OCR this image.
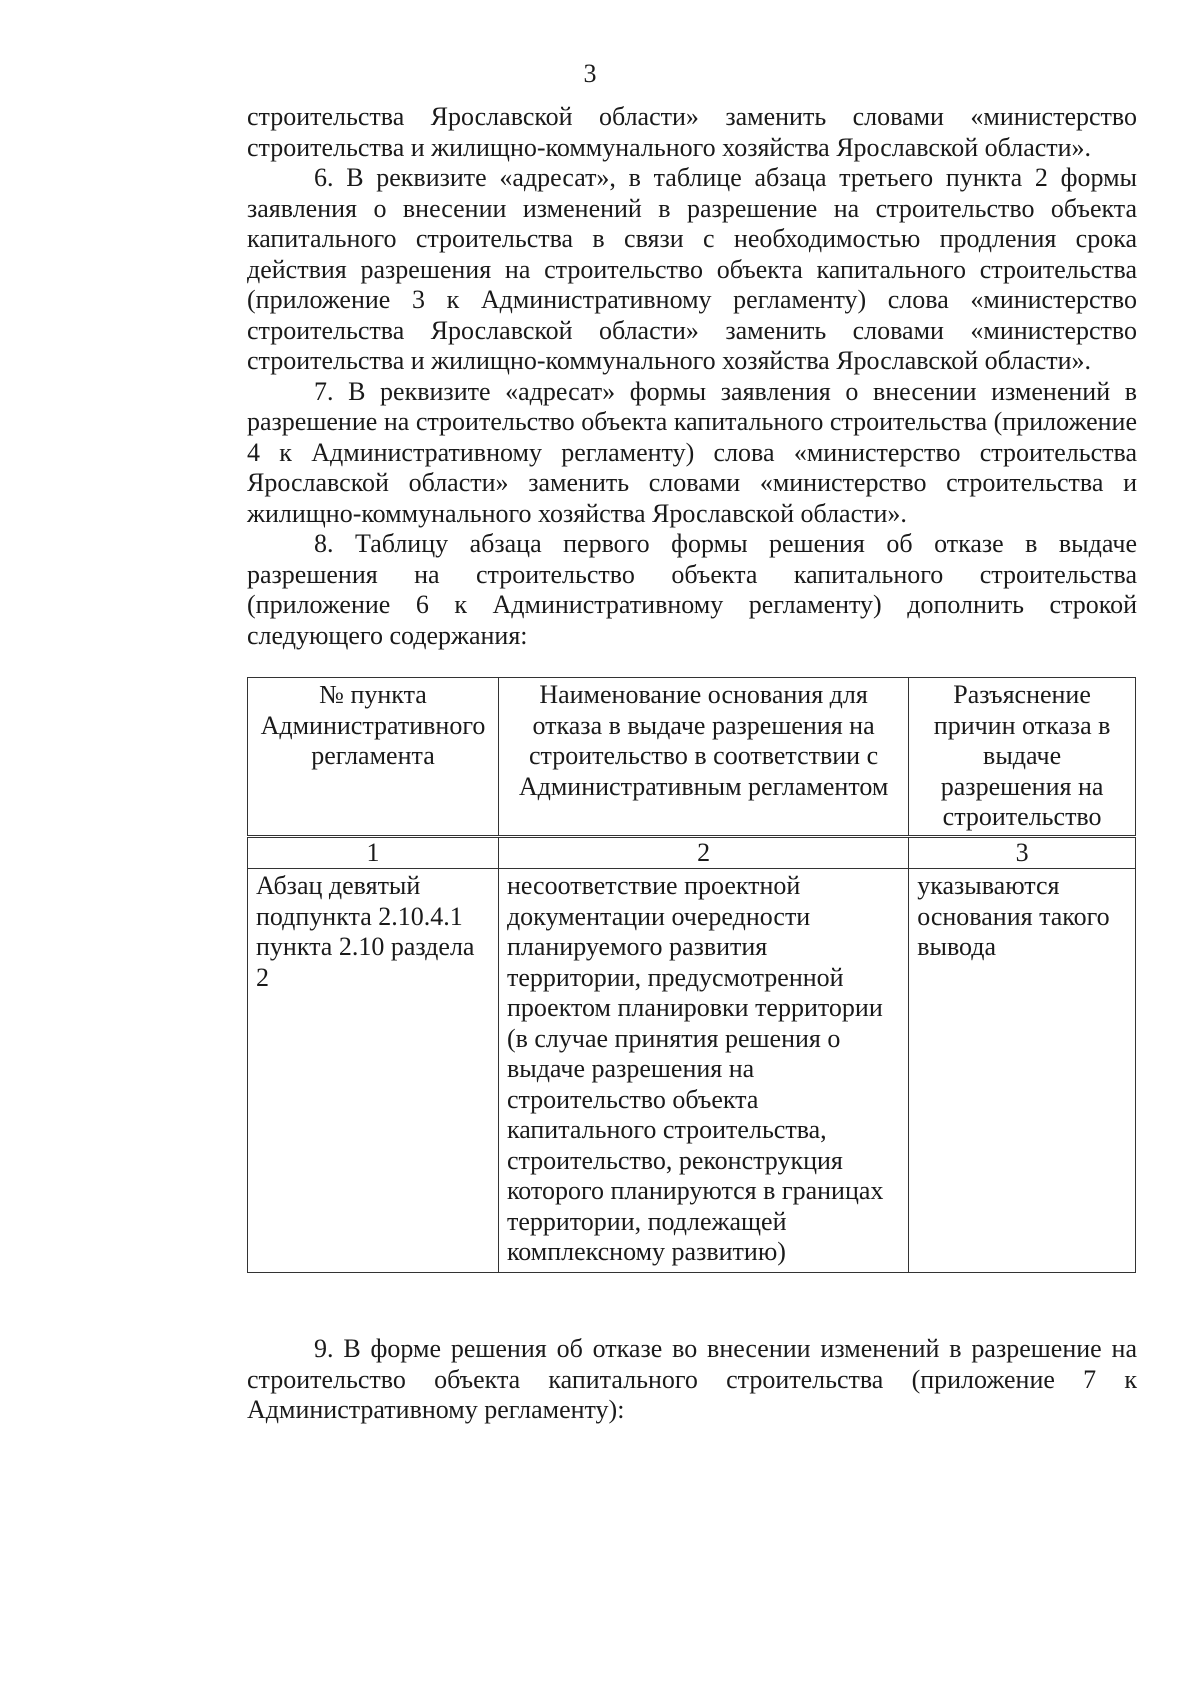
3

строительства Ярославской области» заменить словами «министерство строительства и жилищно-коммунального хозяйства Ярославской области».

6. В реквизите «адресат», в таблице абзаца третьего пункта 2 формы заявления о внесении изменений в разрешение на строительство объекта капитального строительства в связи с необходимостью продления срока действия разрешения на строительство объекта капитального строительства (приложение 3 к Административному регламенту) слова «министерство строительства Ярославской области» заменить словами «министерство строительства и жилищно-коммунального хозяйства Ярославской области».

7. В реквизите «адресат» формы заявления о внесении изменений в разрешение на строительство объекта капитального строительства (приложение 4 к Административному регламенту) слова «министерство строительства Ярославской области» заменить словами «министерство строительства и жилищно-коммунального хозяйства Ярославской области».

8. Таблицу абзаца первого формы решения об отказе в выдаче разрешения на строительство объекта капитального строительства (приложение 6 к Административному регламенту) дополнить строкой следующего содержания:

№ пункта Административного регламента	Наименование основания для отказа в выдаче разрешения на строительство в соответствии с Административным регламентом	Разъяснение причин отказа в выдаче разрешения на строительство
1	2	3
Абзац девятый подпункта 2.10.4.1 пункта 2.10 раздела 2	несоответствие проектной документации очередности планируемого развития территории, предусмотренной проектом планировки территории (в случае принятия решения о выдаче разрешения на строительство объекта капитального строительства, строительство, реконструкция которого планируются в границах территории, подлежащей комплексному развитию)	указываются основания такого вывода

9. В форме решения об отказе во внесении изменений в разрешение на строительство объекта капитального строительства (приложение 7 к Административному регламенту):
